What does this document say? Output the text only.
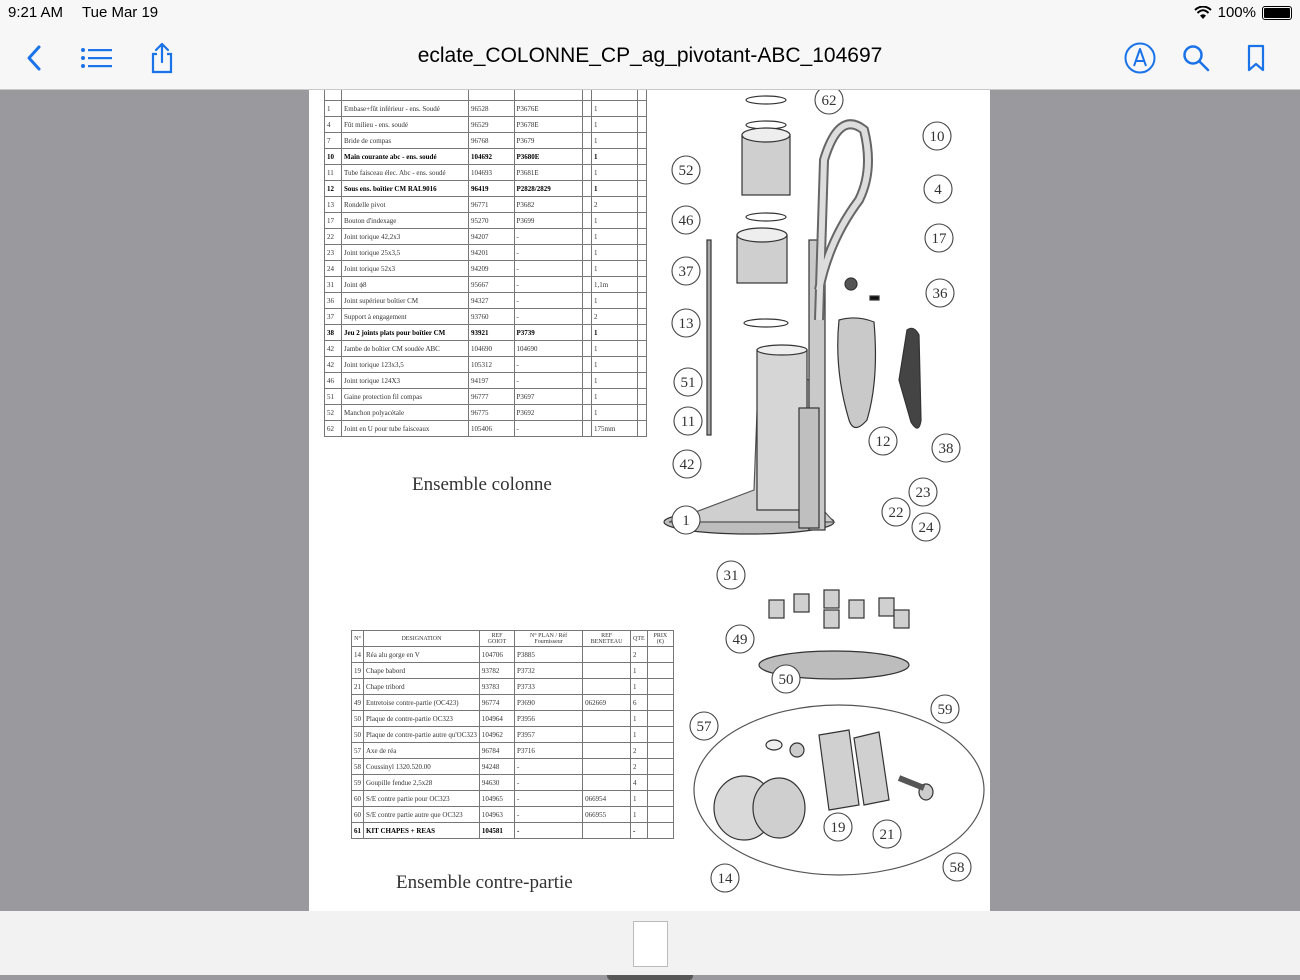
9:21 AM Tue Mar 19	100%
eclate_COLONNE_CP_ag_pivotant-ABC_104697

1	Embase+fût inférieur - ens. Soudé	96528	P3676E		1	
4	Fût milieu - ens. soudé	96529	P3678E		1	
7	Bride de compas	96768	P3679		1	
10	Main courante abc - ens. soudé	104692	P3680E		1	
11	Tube faisceau élec. Abc - ens. soudé	104693	P3681E		1	
12	Sous ens. boîtier CM RAL9016	96419	P2828/2829		1	
13	Rondelle pivot	96771	P3682		2	
17	Bouton d'indexage	95270	P3699		1	
22	Joint torique 42,2x3	94207	-		1	
23	Joint torique 25x3,5	94201	-		1	
24	Joint torique 52x3	94209	-		1	
31	Joint ϕ8	95667	-		1,1m	
36	Joint supérieur boîtier CM	94327	-		1	
37	Support à engagement	93760	-		2	
38	Jeu 2 joints plats pour boîtier CM	93921	P3739		1	
42	Jambe de boîtier CM soudée ABC	104690	104690		1	
42	Joint torique 123x3,5	105312	-		1	
46	Joint torique 124X3	94197	-		1	
51	Gaine protection fil compas	96777	P3697		1	
52	Manchon polyacétale	96775	P3692		1	
62	Joint en U pour tube faisceaux	105406	-		175mm	
Ensemble colonne
N°	DESIGNATION	REF GOIOT	N° PLAN / Réf Fournisseur	REF BENETEAU	QTE	PRIX (€)
14	Réa alu gorge en V	104706	P3885		2	
19	Chape babord	93782	P3732		1	
21	Chape tribord	93783	P3733		1	
49	Entretoise contre-partie (OC423)	96774	P3690	062669	6	
50	Plaque de contre-partie OC323	104964	P3956		1	
50	Plaque de contre-partie autre qu'OC323	104962	P3957		1	
57	Axe de réa	96784	P3716		2	
58	Coussinyl 1320.520.00	94248	-		2	
59	Goupille fendue 2,5x28	94630	-		4	
60	S/E contre partie pour OC323	104965	-	066954	1	
60	S/E contre partie autre que OC323	104963	-	066955	1	
61	KIT CHAPES + REAS	104581	-		-	
Ensemble contre-partie
62
10
52
4
46
17
37
36
13
51
11
12	38
42
23
22
24
1
31
49
50
59
57
19 21
58
14
